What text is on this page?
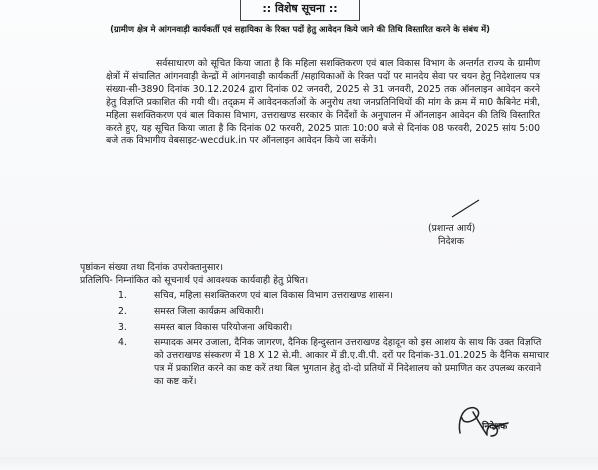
:: विशेष सूचना ::
(ग्रामीण क्षेत्र मे आंगनवाड़ी कार्यकर्ती एवं सहायिका के रिक्त पदों हेतु आवेदन किये जाने की तिथि विस्तारित करने के संबंध में)
सर्वसाधारण को सूचित किया जाता है कि महिला सशक्तिकरण एवं बाल विकास विभाग के अन्तर्गत राज्य के ग्रामीण क्षेत्रों में संचालित आंगनवाड़ी केन्द्रों में आंगनवाड़ी कार्यकर्ती /सहायिकाओं के रिक्त पदों पर मानदेय सेवा पर चयन हेतु निदेशालय पत्र संख्या-सी-3890 दिनांक 30.12.2024 द्वारा दिनांक 02 जनवरी, 2025 से 31 जनवरी, 2025 तक ऑनलाइन आवेदन करने हेतु विज्ञप्ति प्रकाशित की गयी थी। तद्क्रम में आवेदनकर्ताओं के अनुरोध तथा जनप्रतिनिधियों की मांग के क्रम में मा0 कैबिनेट मंत्री, महिला सशक्तिकरण एवं बाल विकास विभाग, उत्तराखण्ड सरकार के निर्देशों के अनुपालन में ऑनलाइन आवेदन की तिथि विस्तारित करते हुए, यह सूचित किया जाता है कि दिनांक 02 फरवरी, 2025 प्रातः 10:00 बजे से दिनांक 08 फरवरी, 2025 सांय 5:00 बजे तक विभागीय वेबसाइट-wecduk.in पर ऑनलाइन आवेदन किये जा सकेंगे।
(प्रशान्त आर्य)
निदेशक
पृष्ठांकन संख्या तथा दिनांक उपरोक्तानुसार।
प्रतिलिपि- निम्नांकित को सूचनार्थ एवं आवश्यक कार्यवाही हेतु प्रेषित।
1.	सचिव, महिला सशक्तिकरण एवं बाल विकास विभाग उत्तराखण्ड शासन।
2.	समस्त जिला कार्यक्रम अधिकारी।
3.	समस्त बाल विकास परियोजना अधिकारी।
4.	सम्पादक अमर उजाला, दैनिक जागरण, दैनिक हिन्दुस्तान उत्तराखण्ड देहादून को इस आशय के साथ कि उक्त विज्ञप्ति को उत्तराखण्ड संस्करण में 18 X 12 से.मी. आकार में डी.ए.वी.पी. दरों पर दिनांक-31.01.2025 के दैनिक समाचार पत्र में प्रकाशित करने का कष्ट करें तथा बिल भुगतान हेतु दो-दो प्रतियों में निदेशालय को प्रमाणित कर उपलब्ध करवाने का कष्ट करें।
निदेशक
